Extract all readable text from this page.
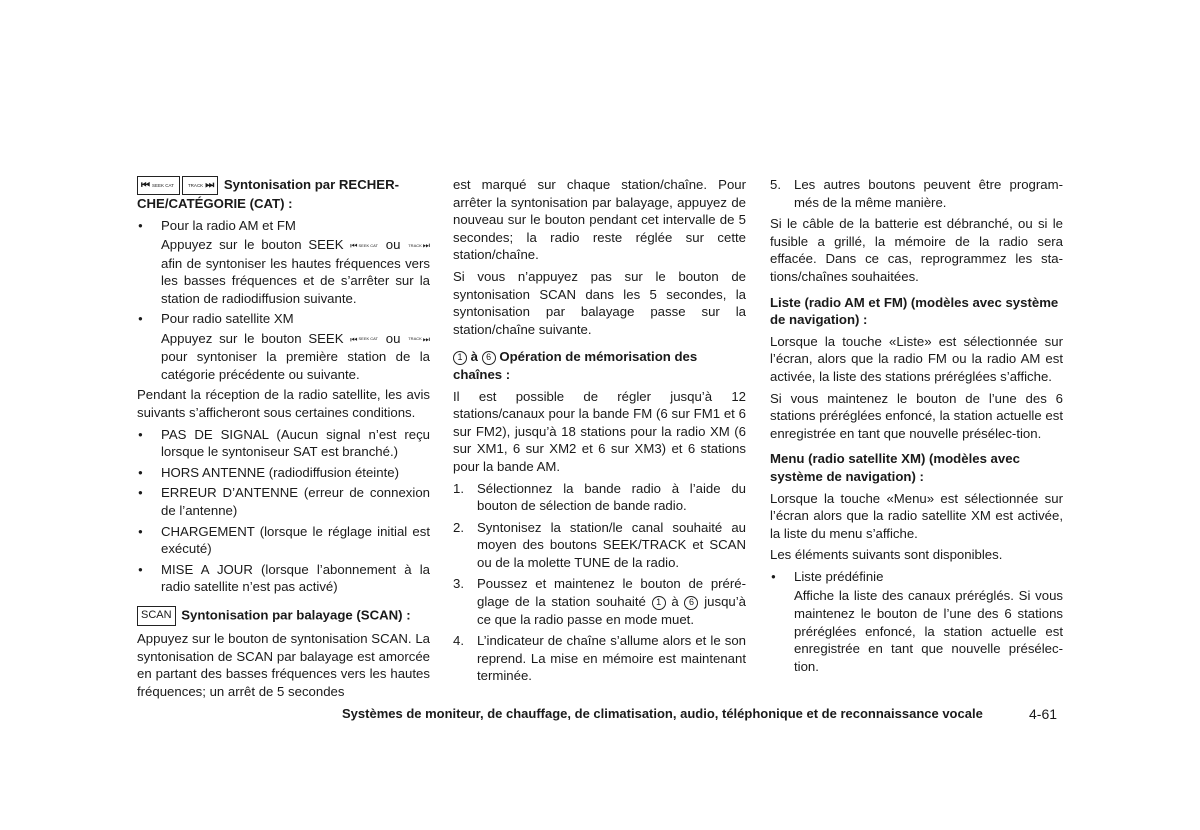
⏮ SEEK CAT	TRACK ⏭ Syntonisation par RECHER-
CHE/CATÉGORIE (CAT) :
● Pour la radio AM et FM
Appuyez sur le bouton SEEK ⏮ SEEK CAT ou TRACK ⏭
afin de syntoniser les hautes fréquences vers les basses fréquences et de s’arrêter sur la station de radiodiffusion suivante.
● Pour radio satellite XM
Appuyez sur le bouton SEEK ⏮ SEEK CAT ou TRACK ⏭
pour syntoniser la première station de la catégorie précédente ou suivante.

Pendant la réception de la radio satellite, les avis suivants s’afficheront sous certaines conditions.

● PAS DE SIGNAL (Aucun signal n’est reçu lorsque le syntoniseur SAT est branché.)
● HORS ANTENNE (radiodiffusion éteinte)
● ERREUR D’ANTENNE (erreur de connexion de l’antenne)
● CHARGEMENT (lorsque le réglage initial est exécuté)
● MISE A JOUR (lorsque l’abonnement à la radio satellite n’est pas activé)
SCAN Syntonisation par balayage (SCAN) :

Appuyez sur le bouton de syntonisation SCAN. La syntonisation de SCAN par balayage est amorcée en partant des basses fréquences vers les hautes fréquences; un arrêt de 5 secondes

est marqué sur chaque station/chaîne. Pour arrêter la syntonisation par balayage, appuyez de nouveau sur le bouton pendant cet intervalle de 5 secondes; la radio reste réglée sur cette station/chaîne.

Si vous n’appuyez pas sur le bouton de syntonisation SCAN dans les 5 secondes, la syntonisation par balayage passe sur la station/chaîne suivante.

1 à 6 Opération de mémorisation des chaînes :

Il est possible de régler jusqu’à 12 stations/canaux pour la bande FM (6 sur FM1 et 6 sur FM2), jusqu’à 18 stations pour la radio XM (6 sur XM1, 6 sur XM2 et 6 sur XM3) et 6 stations pour la bande AM.

1. Sélectionnez la bande radio à l’aide du bouton de sélection de bande radio.
2. Syntonisez la station/le canal souhaité au moyen des boutons SEEK/TRACK et SCAN ou de la molette TUNE de la radio.
3. Poussez et maintenez le bouton de préré-glage de la station souhaité 1 à 6 jusqu’à ce que la radio passe en mode muet.
4. L’indicateur de chaîne s’allume alors et le son reprend. La mise en mémoire est maintenant terminée.
5. Les autres boutons peuvent être program-més de la même manière.

Si le câble de la batterie est débranché, ou si le fusible a grillé, la mémoire de la radio sera effacée. Dans ce cas, reprogrammez les sta-tions/chaînes souhaitées.

Liste (radio AM et FM) (modèles avec système de navigation) :

Lorsque la touche «Liste» est sélectionnée sur l’écran, alors que la radio FM ou la radio AM est activée, la liste des stations préréglées s’affiche.

Si vous maintenez le bouton de l’une des 6 stations préréglées enfoncé, la station actuelle est enregistrée en tant que nouvelle présélec-tion.

Menu (radio satellite XM) (modèles avec système de navigation) :

Lorsque la touche «Menu» est sélectionnée sur l’écran alors que la radio satellite XM est activée, la liste du menu s’affiche.

Les éléments suivants sont disponibles.

● Liste prédéfinie
Affiche la liste des canaux préréglés. Si vous maintenez le bouton de l’une des 6 stations préréglées enfoncé, la station actuelle est enregistrée en tant que nouvelle présélec-tion.
Systèmes de moniteur, de chauffage, de climatisation, audio, téléphonique et de reconnaissance vocale	4-61
